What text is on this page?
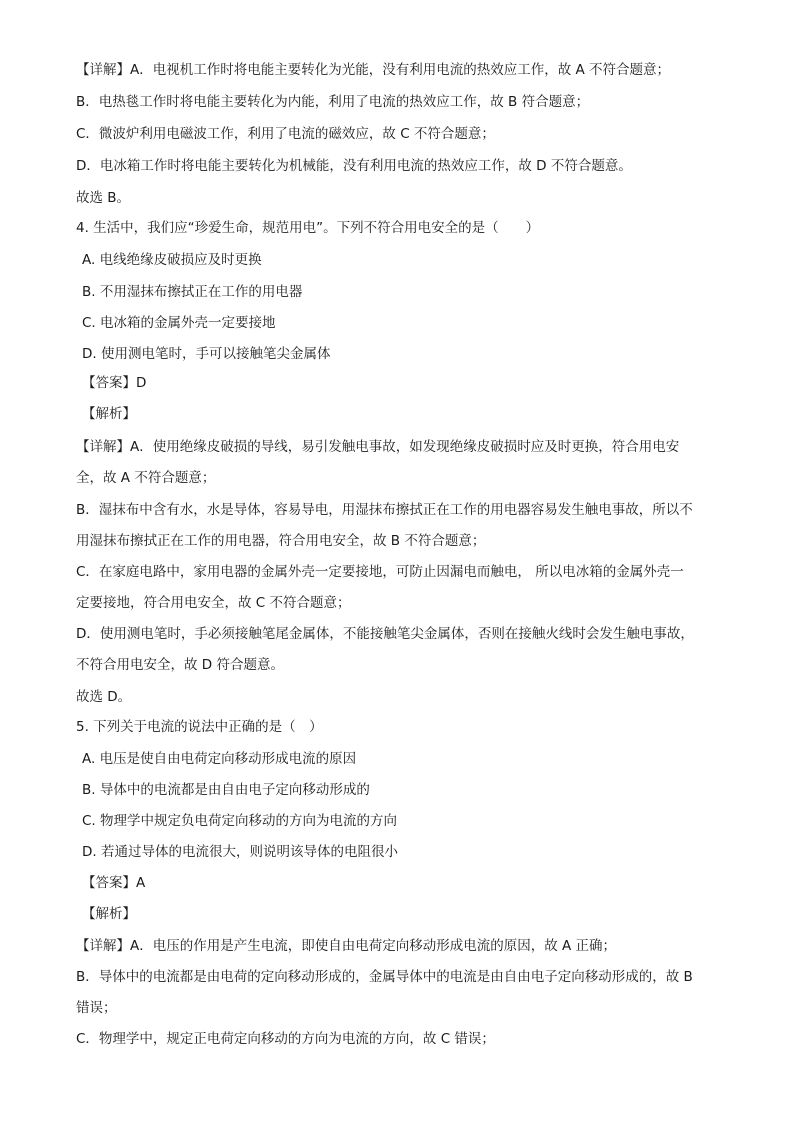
【详解】A．电视机工作时将电能主要转化为光能，没有利用电流的热效应工作，故 A 不符合题意；
B．电热毯工作时将电能主要转化为内能，利用了电流的热效应工作，故 B 符合题意；
C．微波炉利用电磁波工作，利用了电流的磁效应，故 C 不符合题意；
D．电冰箱工作时将电能主要转化为机械能，没有利用电流的热效应工作，故 D 不符合题意。
故选 B。
4. 生活中，我们应“珍爱生命，规范用电”。下列不符合用电安全的是（　　）
A. 电线绝缘皮破损应及时更换
B. 不用湿抹布擦拭正在工作的用电器
C. 电冰箱的金属外壳一定要接地
D. 使用测电笔时，手可以接触笔尖金属体
【答案】D
【解析】
【详解】A．使用绝缘皮破损的导线，易引发触电事故，如发现绝缘皮破损时应及时更换，符合用电安
全，故 A 不符合题意；
B．湿抹布中含有水，水是导体，容易导电，用湿抹布擦拭正在工作的用电器容易发生触电事故，所以不
用湿抹布擦拭正在工作的用电器，符合用电安全，故 B 不符合题意；
C．在家庭电路中，家用电器的金属外壳一定要接地，可防止因漏电而触电， 所以电冰箱的金属外壳一
定要接地，符合用电安全，故 C 不符合题意；
D．使用测电笔时，手必须接触笔尾金属体，不能接触笔尖金属体，否则在接触火线时会发生触电事故，
不符合用电安全，故 D 符合题意。
故选 D。
5. 下列关于电流的说法中正确的是（　）
A. 电压是使自由电荷定向移动形成电流的原因
B. 导体中的电流都是由自由电子定向移动形成的
C. 物理学中规定负电荷定向移动的方向为电流的方向
D. 若通过导体的电流很大，则说明该导体的电阻很小
【答案】A
【解析】
【详解】A．电压的作用是产生电流，即使自由电荷定向移动形成电流的原因，故 A 正确；
B．导体中的电流都是由电荷的定向移动形成的，金属导体中的电流是由自由电子定向移动形成的，故 B
错误；
C．物理学中，规定正电荷定向移动的方向为电流的方向，故 C 错误；
